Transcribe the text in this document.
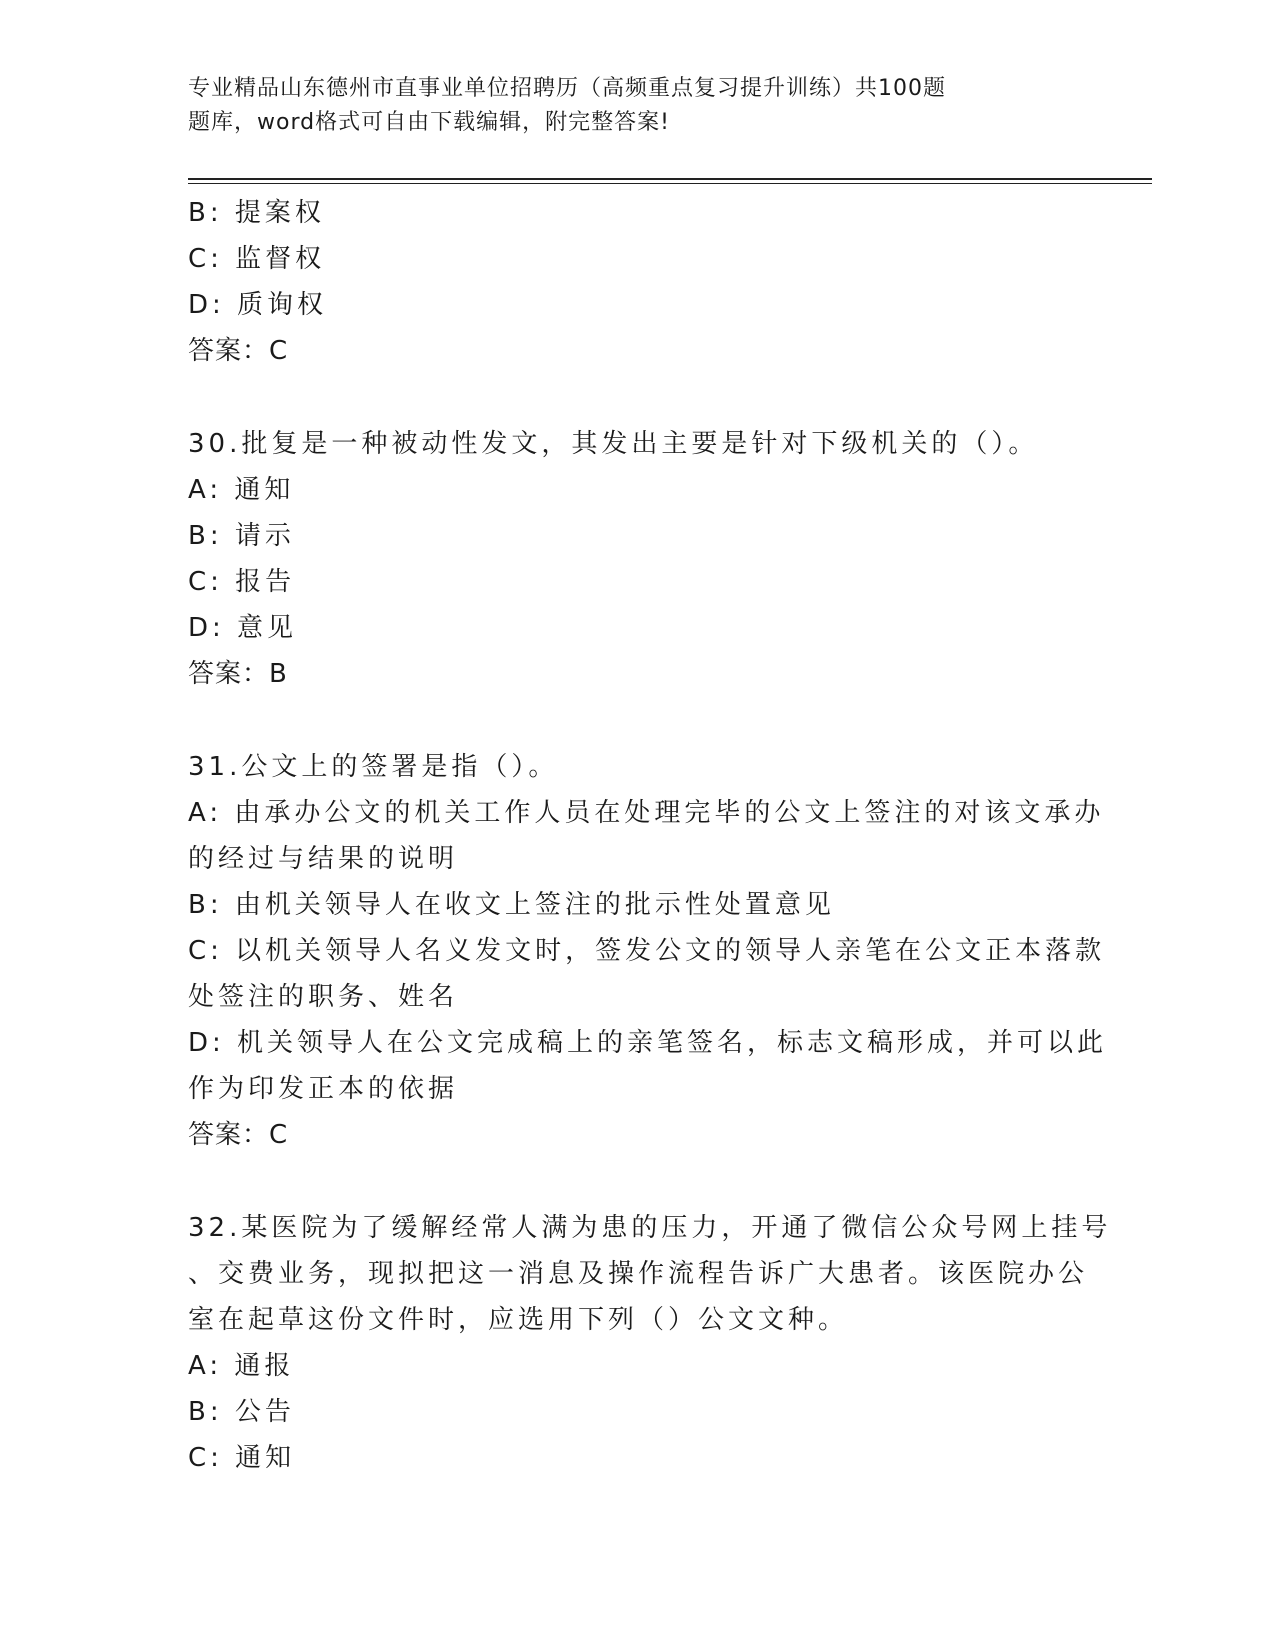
专业精品山东德州市直事业单位招聘历（高频重点复习提升训练）共100题
题库，word格式可自由下载编辑，附完整答案!
B: 提案权
C: 监督权
D: 质询权
答案：C
30.批复是一种被动性发文，其发出主要是针对下级机关的（）。
A: 通知
B: 请示
C: 报告
D: 意见
答案：B
31.公文上的签署是指（）。
A: 由承办公文的机关工作人员在处理完毕的公文上签注的对该文承办
的经过与结果的说明
B: 由机关领导人在收文上签注的批示性处置意见
C: 以机关领导人名义发文时，签发公文的领导人亲笔在公文正本落款
处签注的职务、姓名
D: 机关领导人在公文完成稿上的亲笔签名，标志文稿形成，并可以此
作为印发正本的依据
答案：C
32.某医院为了缓解经常人满为患的压力，开通了微信公众号网上挂号
、交费业务，现拟把这一消息及操作流程告诉广大患者。该医院办公
室在起草这份文件时，应选用下列（）公文文种。
A: 通报
B: 公告
C: 通知
